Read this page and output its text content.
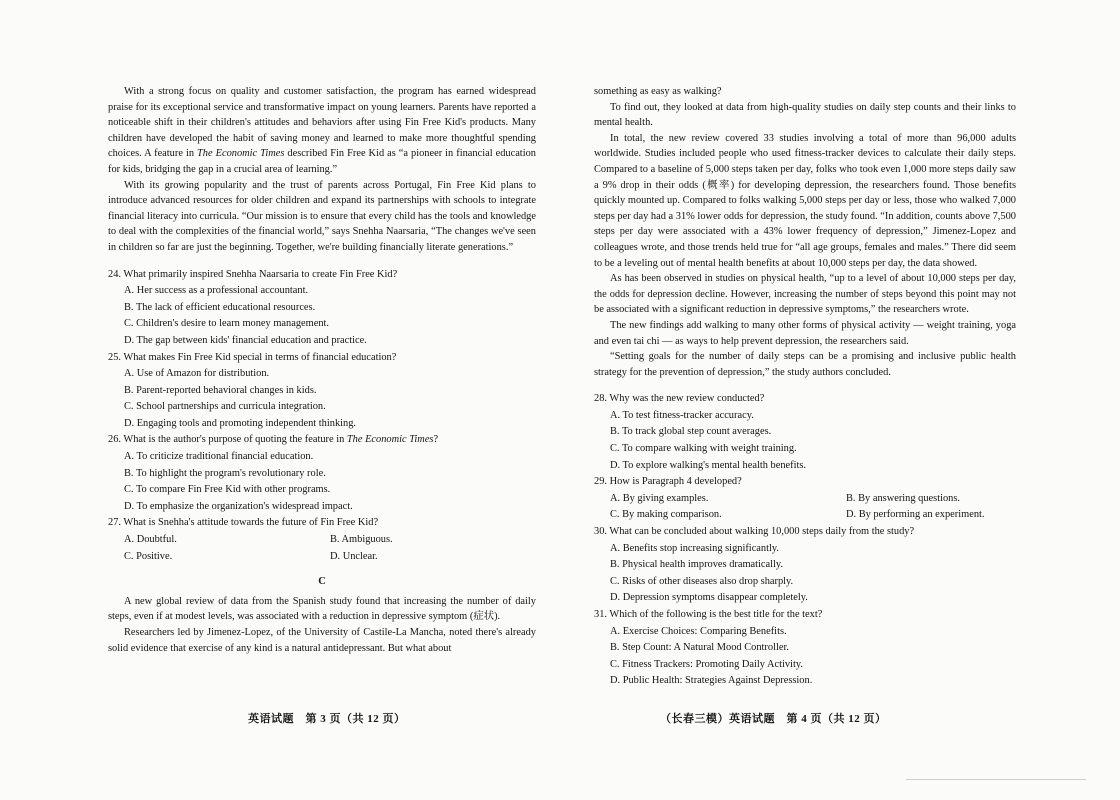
With a strong focus on quality and customer satisfaction, the program has earned widespread praise for its exceptional service and transformative impact on young learners. Parents have reported a noticeable shift in their children's attitudes and behaviors after using Fin Free Kid's products. Many children have developed the habit of saving money and learned to make more thoughtful spending choices. A feature in The Economic Times described Fin Free Kid as “a pioneer in financial education for kids, bridging the gap in a crucial area of learning.”

With its growing popularity and the trust of parents across Portugal, Fin Free Kid plans to introduce advanced resources for older children and expand its partnerships with schools to integrate financial literacy into curricula. “Our mission is to ensure that every child has the tools and knowledge to deal with the complexities of the financial world,” says Snehha Naarsaria, “The changes we've seen in children so far are just the beginning. Together, we're building financially literate generations.”

24. What primarily inspired Snehha Naarsaria to create Fin Free Kid?
A. Her success as a professional accountant.
B. The lack of efficient educational resources.
C. Children's desire to learn money management.
D. The gap between kids' financial education and practice.
25. What makes Fin Free Kid special in terms of financial education?
A. Use of Amazon for distribution.
B. Parent-reported behavioral changes in kids.
C. School partnerships and curricula integration.
D. Engaging tools and promoting independent thinking.
26. What is the author's purpose of quoting the feature in The Economic Times?
A. To criticize traditional financial education.
B. To highlight the program's revolutionary role.
C. To compare Fin Free Kid with other programs.
D. To emphasize the organization's widespread impact.
27. What is Snehha's attitude towards the future of Fin Free Kid?
A. Doubtful.	B. Ambiguous.
C. Positive.	D. Unclear.
C

A new global review of data from the Spanish study found that increasing the number of daily steps, even if at modest levels, was associated with a reduction in depressive symptom (症状).

Researchers led by Jimenez-Lopez, of the University of Castile-La Mancha, noted there's already solid evidence that exercise of any kind is a natural antidepressant. But what about

英语试题　第 3 页（共 12 页）

something as easy as walking?

To find out, they looked at data from high-quality studies on daily step counts and their links to mental health.

In total, the new review covered 33 studies involving a total of more than 96,000 adults worldwide. Studies included people who used fitness-tracker devices to calculate their daily steps. Compared to a baseline of 5,000 steps taken per day, folks who took even 1,000 more steps daily saw a 9% drop in their odds (概率) for developing depression, the researchers found. Those benefits quickly mounted up. Compared to folks walking 5,000 steps per day or less, those who walked 7,000 steps per day had a 31% lower odds for depression, the study found. “In addition, counts above 7,500 steps per day were associated with a 43% lower frequency of depression,” Jimenez-Lopez and colleagues wrote, and those trends held true for “all age groups, females and males.” There did seem to be a leveling out of mental health benefits at about 10,000 steps per day, the data showed.

As has been observed in studies on physical health, “up to a level of about 10,000 steps per day, the odds for depression decline. However, increasing the number of steps beyond this point may not be associated with a significant reduction in depressive symptoms,” the researchers wrote.

The new findings add walking to many other forms of physical activity — weight training, yoga and even tai chi — as ways to help prevent depression, the researchers said.

“Setting goals for the number of daily steps can be a promising and inclusive public health strategy for the prevention of depression,” the study authors concluded.

28. Why was the new review conducted?
A. To test fitness-tracker accuracy.
B. To track global step count averages.
C. To compare walking with weight training.
D. To explore walking's mental health benefits.
29. How is Paragraph 4 developed?
A. By giving examples.	B. By answering questions.
C. By making comparison.	D. By performing an experiment.
30. What can be concluded about walking 10,000 steps daily from the study?
A. Benefits stop increasing significantly.
B. Physical health improves dramatically.
C. Risks of other diseases also drop sharply.
D. Depression symptoms disappear completely.
31. Which of the following is the best title for the text?
A. Exercise Choices: Comparing Benefits.
B. Step Count: A Natural Mood Controller.
C. Fitness Trackers: Promoting Daily Activity.
D. Public Health: Strategies Against Depression.
（长春三模）英语试题　第 4 页（共 12 页）
